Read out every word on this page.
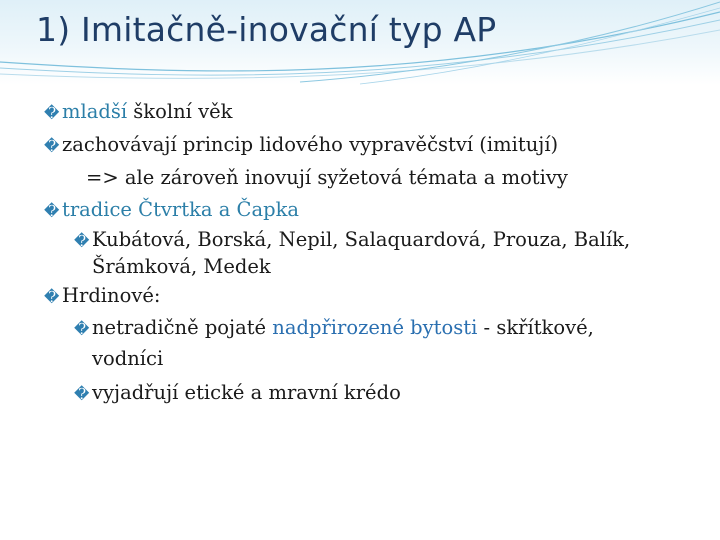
1) Imitačně-inovační typ AP
� mladší školní věk
� zachovávají princip lidového vypravěčství (imitují)
=> ale zároveň inovují syžetová témata a motivy
� tradice Čtvrtka a Čapka
� Kubátová, Borská, Nepil, Salaquardová, Prouza, Balík,
Šrámková, Medek
� Hrdinové:
� netradičně pojaté nadpřirozené bytosti - skřítkové,
vodníci
� vyjadřují etické a mravní krédo
